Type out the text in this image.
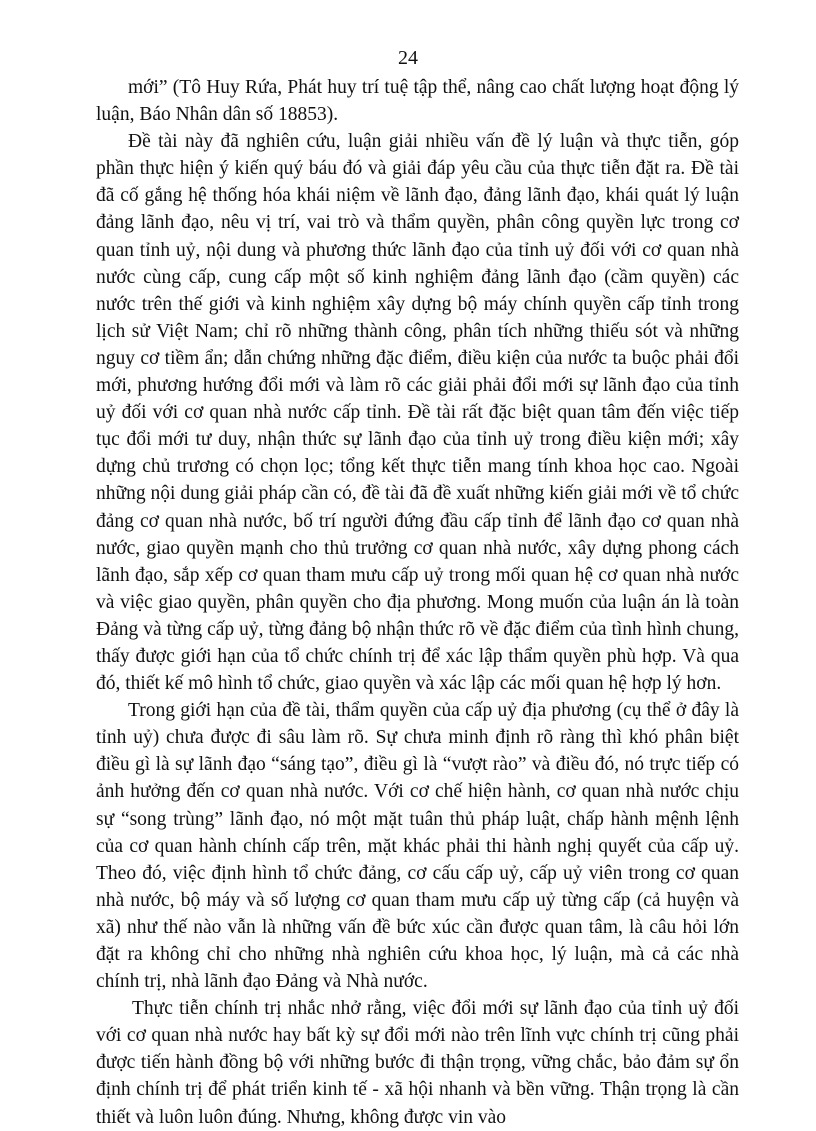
24

mới” (Tô Huy Rứa, Phát huy trí tuệ tập thể, nâng cao chất lượng hoạt động lý luận, Báo Nhân dân số 18853).

Đề tài này đã nghiên cứu, luận giải nhiều vấn đề lý luận và thực tiễn, góp phần thực hiện ý kiến quý báu đó và giải đáp yêu cầu của thực tiễn đặt ra. Đề tài đã cố gắng hệ thống hóa khái niệm về lãnh đạo, đảng lãnh đạo, khái quát lý luận đảng lãnh đạo, nêu vị trí, vai trò và thẩm quyền, phân công quyền lực trong cơ quan tỉnh uỷ, nội dung và phương thức lãnh đạo của tỉnh uỷ đối với cơ quan nhà nước cùng cấp, cung cấp một số kinh nghiệm đảng lãnh đạo (cầm quyền) các nước trên thế giới và kinh nghiệm xây dựng bộ máy chính quyền cấp tỉnh trong lịch sử Việt Nam; chỉ rõ những thành công, phân tích những thiếu sót và những nguy cơ tiềm ẩn; dẫn chứng những đặc điểm, điều kiện của nước ta buộc phải đổi mới, phương hướng đổi mới và làm rõ các giải phải đổi mới sự lãnh đạo của tỉnh uỷ đối với cơ quan nhà nước cấp tỉnh. Đề tài rất đặc biệt quan tâm đến việc tiếp tục đổi mới tư duy, nhận thức sự lãnh đạo của tỉnh uỷ trong điều kiện mới; xây dựng chủ trương có chọn lọc; tổng kết thực tiễn mang tính khoa học cao. Ngoài những nội dung giải pháp cần có, đề tài đã đề xuất những kiến giải mới về tổ chức đảng cơ quan nhà nước, bố trí người đứng đầu cấp tỉnh để lãnh đạo cơ quan nhà nước, giao quyền mạnh cho thủ trưởng cơ quan nhà nước, xây dựng phong cách lãnh đạo, sắp xếp cơ quan tham mưu cấp uỷ trong mối quan hệ cơ quan nhà nước và việc giao quyền, phân quyền cho địa phương. Mong muốn của luận án là toàn Đảng và từng cấp uỷ, từng đảng bộ nhận thức rõ về đặc điểm của tình hình chung, thấy được giới hạn của tổ chức chính trị để xác lập thẩm quyền phù hợp. Và qua đó, thiết kế mô hình tổ chức, giao quyền và xác lập các mối quan hệ hợp lý hơn.

Trong giới hạn của đề tài, thẩm quyền của cấp uỷ địa phương (cụ thể ở đây là tỉnh uỷ) chưa được đi sâu làm rõ. Sự chưa minh định rõ ràng thì khó phân biệt điều gì là sự lãnh đạo “sáng tạo”, điều gì là “vượt rào” và điều đó, nó trực tiếp có ảnh hưởng đến cơ quan nhà nước. Với cơ chế hiện hành, cơ quan nhà nước chịu sự “song trùng” lãnh đạo, nó một mặt tuân thủ pháp luật, chấp hành mệnh lệnh của cơ quan hành chính cấp trên, mặt khác phải thi hành nghị quyết của cấp uỷ. Theo đó, việc định hình tổ chức đảng, cơ cấu cấp uỷ, cấp uỷ viên trong cơ quan nhà nước, bộ máy và số lượng cơ quan tham mưu cấp uỷ từng cấp (cả huyện và xã) như thế nào vẫn là những vấn đề bức xúc cần được quan tâm, là câu hỏi lớn đặt ra không chỉ cho những nhà nghiên cứu khoa học, lý luận, mà cả các nhà chính trị, nhà lãnh đạo Đảng và Nhà nước.

Thực tiễn chính trị nhắc nhở rằng, việc đổi mới sự lãnh đạo của tỉnh uỷ đối với cơ quan nhà nước hay bất kỳ sự đổi mới nào trên lĩnh vực chính trị cũng phải được tiến hành đồng bộ với những bước đi thận trọng, vững chắc, bảo đảm sự ổn định chính trị để phát triển kinh tế - xã hội nhanh và bền vững. Thận trọng là cần thiết và luôn luôn đúng. Nhưng, không được vin vào
